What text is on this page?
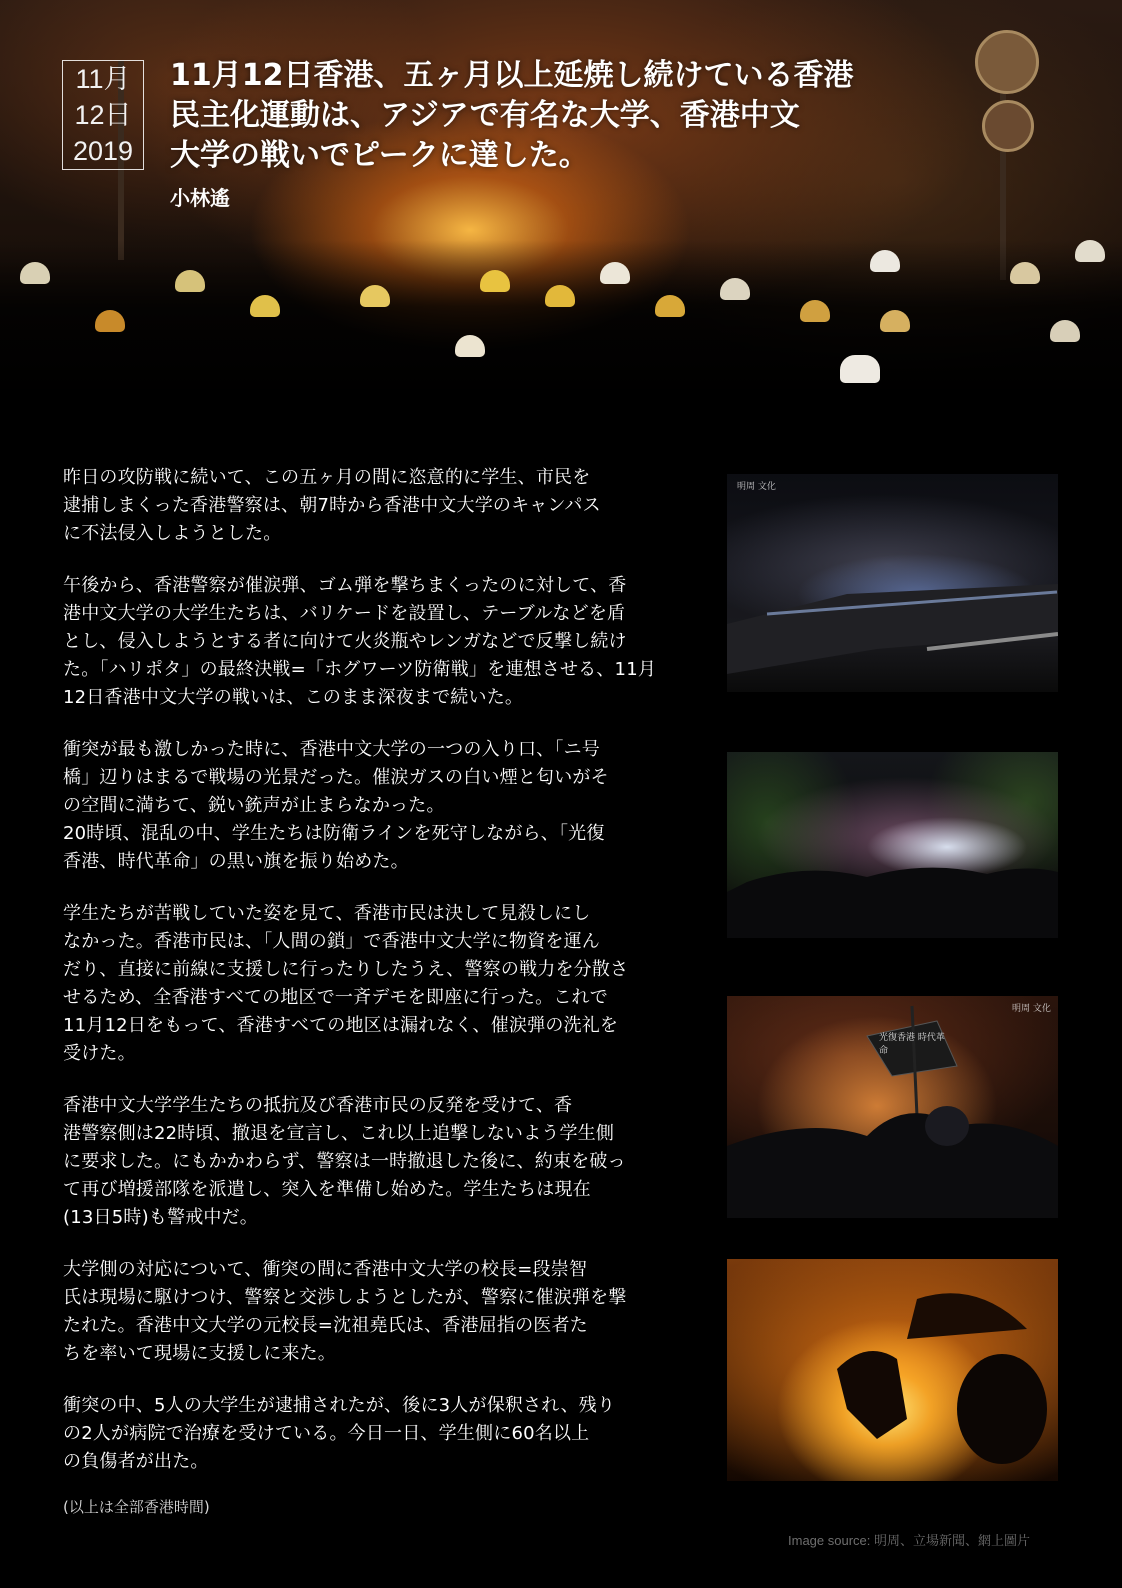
11月
12日
2019
11月12日香港、五ヶ月以上延焼し続けている香港
民主化運動は、アジアで有名な大学、香港中文
大学の戦いでピークに達した。
小林遙

昨日の攻防戦に続いて、この五ヶ月の間に恣意的に学生、市民を
逮捕しまくった香港警察は、朝7時から香港中文大学のキャンパス
に不法侵入しようとした。

午後から、香港警察が催涙弾、ゴム弾を撃ちまくったのに対して、香
港中文大学の大学生たちは、バリケードを設置し、テーブルなどを盾
とし、侵入しようとする者に向けて火炎瓶やレンガなどで反撃し続け
た。「ハリポタ」の最終決戦=「ホグワーツ防衛戦」を連想させる、11月
12日香港中文大学の戦いは、このまま深夜まで続いた。

衝突が最も激しかった時に、香港中文大学の一つの入り口、「ニ号
橋」辺りはまるで戦場の光景だった。催涙ガスの白い煙と匂いがそ
の空間に満ちて、鋭い銃声が止まらなかった。
20時頃、混乱の中、学生たちは防衛ラインを死守しながら、「光復
香港、時代革命」の黒い旗を振り始めた。

学生たちが苦戦していた姿を見て、香港市民は決して見殺しにし
なかった。香港市民は、「人間の鎖」で香港中文大学に物資を運ん
だり、直接に前線に支援しに行ったりしたうえ、警察の戦力を分散さ
せるため、全香港すべての地区で一斉デモを即座に行った。これで
11月12日をもって、香港すべての地区は漏れなく、催涙弾の洗礼を
受けた。

香港中文大学学生たちの抵抗及び香港市民の反発を受けて、香
港警察側は22時頃、撤退を宣言し、これ以上追撃しないよう学生側
に要求した。にもかかわらず、警察は一時撤退した後に、約束を破っ
て再び増援部隊を派遣し、突入を準備し始めた。学生たちは現在
(13日5時)も警戒中だ。

大学側の対応について、衝突の間に香港中文大学の校長=段崇智
氏は現場に駆けつけ、警察と交渉しようとしたが、警察に催涙弾を撃
たれた。香港中文大学の元校長=沈祖堯氏は、香港屈指の医者た
ちを率いて現場に支援しに来た。

衝突の中、5人の大学生が逮捕されたが、後に3人が保釈され、残り
の2人が病院で治療を受けている。今日一日、学生側に60名以上
の負傷者が出た。

(以上は全部香港時間)
明周 文化
明周 文化
光復香港 時代革命
Image source: 明周、立場新聞、網上圖片
